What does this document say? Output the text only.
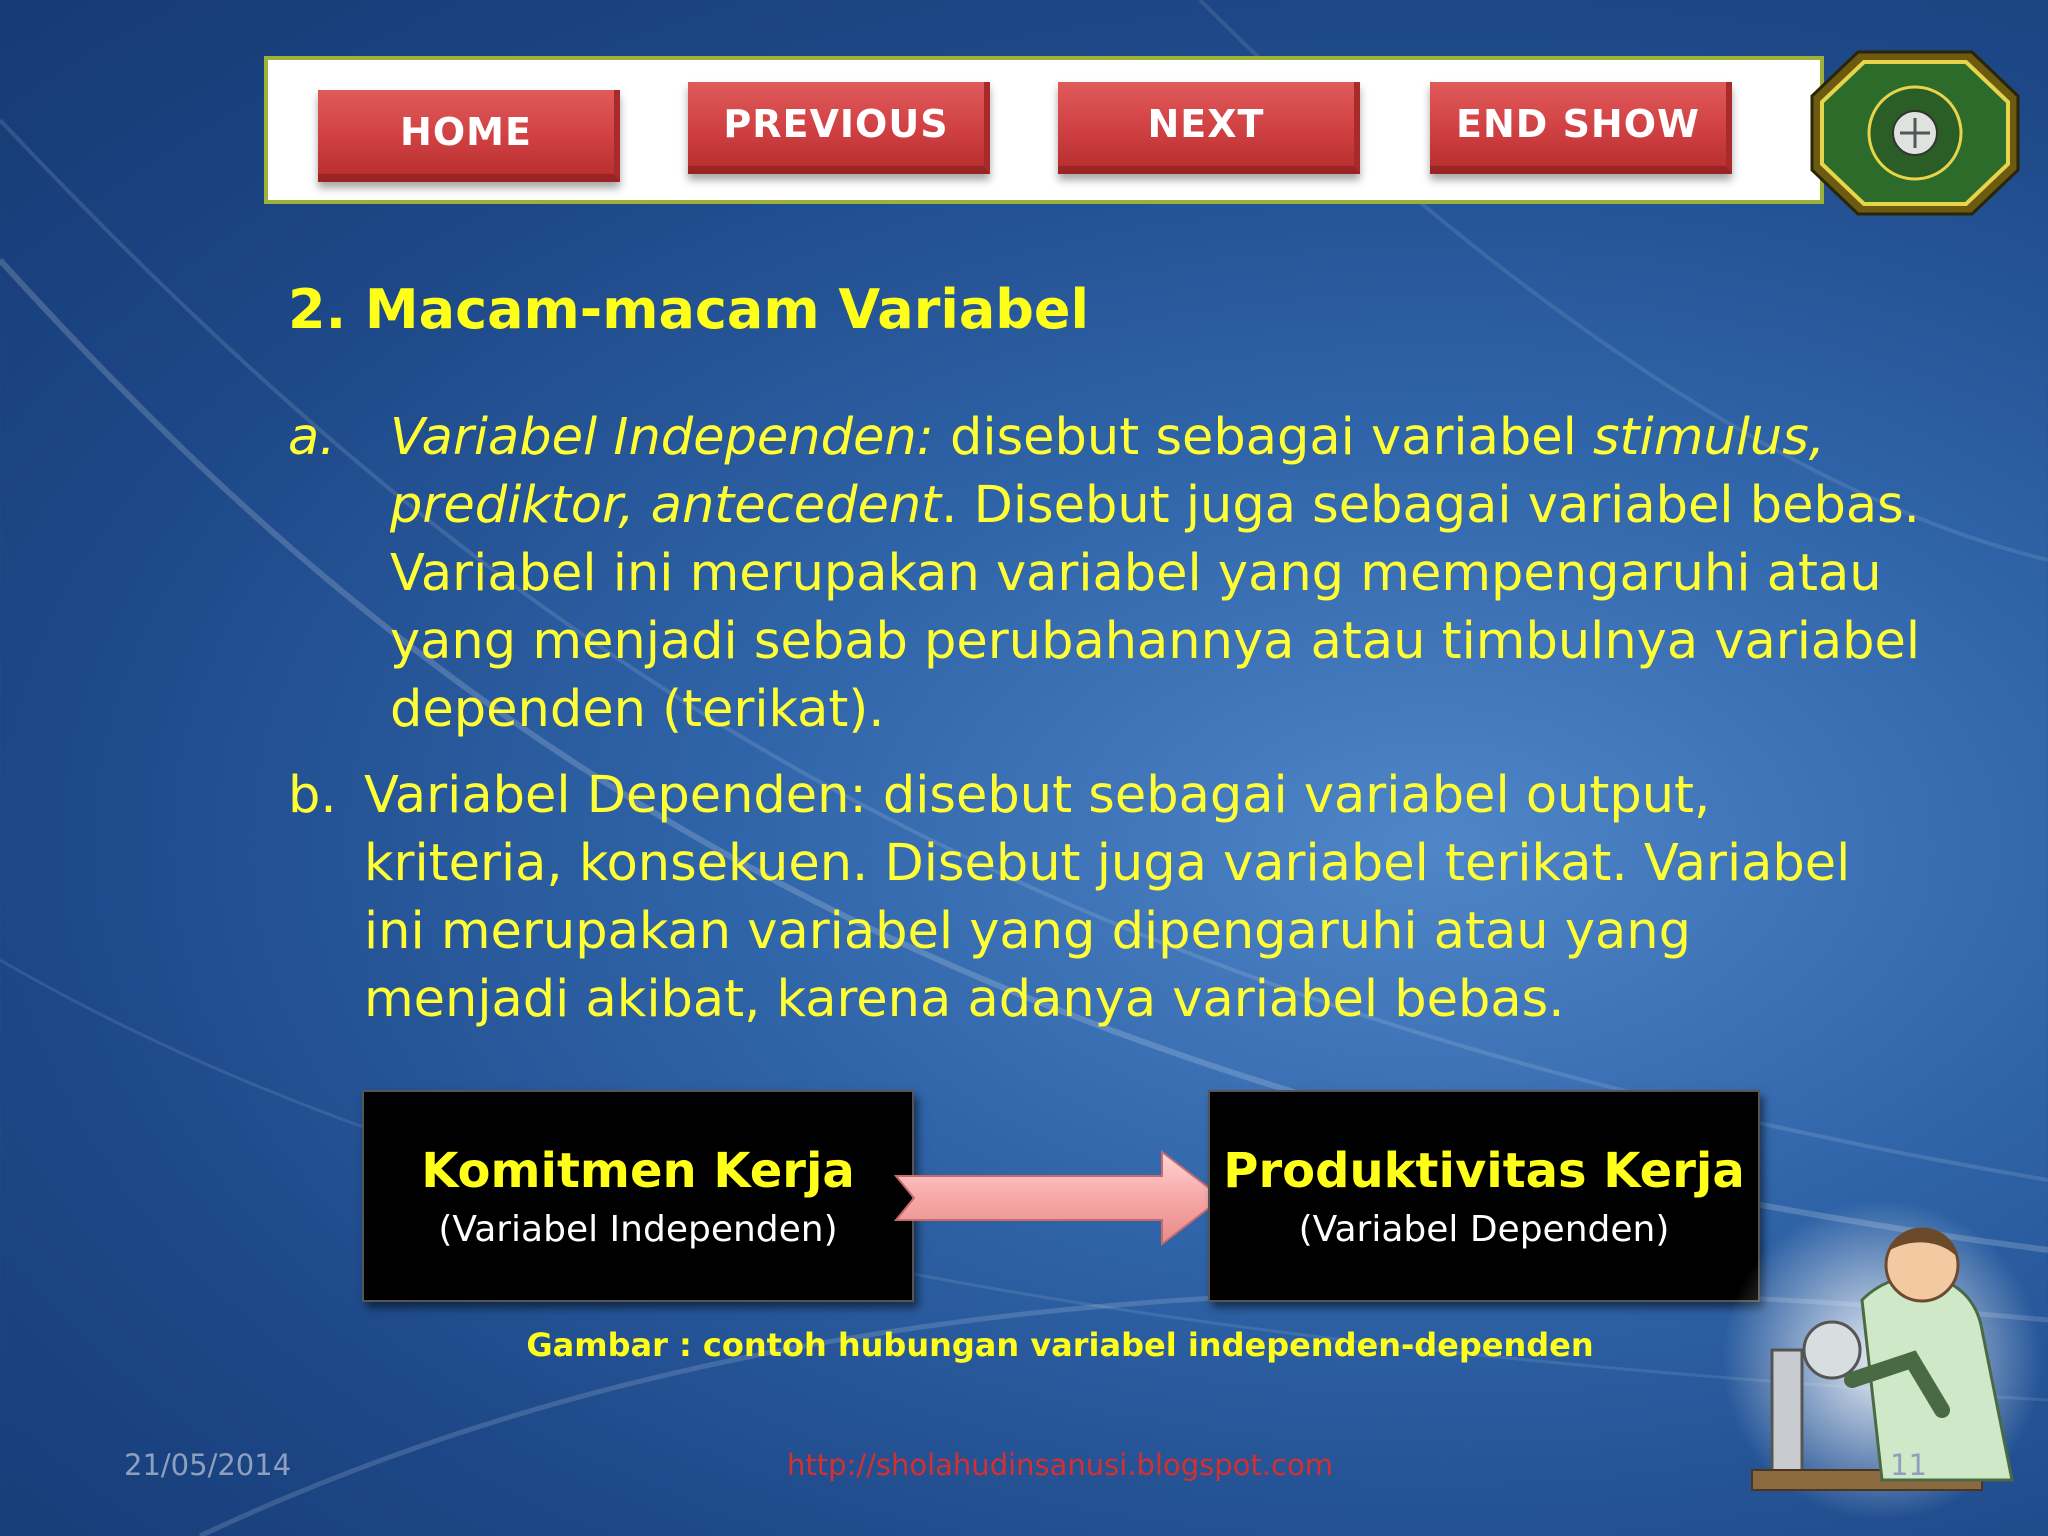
HOME	PREVIOUS	NEXT	END SHOW
2. Macam-macam Variabel
a. Variabel Independen: disebut sebagai variabel stimulus, prediktor, antecedent. Disebut juga sebagai variabel bebas. Variabel ini merupakan variabel yang mempengaruhi atau yang menjadi sebab perubahannya atau timbulnya variabel dependen (terikat).
b. Variabel Dependen: disebut sebagai variabel output, kriteria, konsekuen. Disebut juga variabel terikat. Variabel ini merupakan variabel yang dipengaruhi atau yang menjadi akibat, karena adanya variabel bebas.
Komitmen Kerja
(Variabel Independen)
Produktivitas Kerja
(Variabel Dependen)
Gambar : contoh hubungan variabel independen-dependen
21/05/2014	http://sholahudinsanusi.blogspot.com	11
